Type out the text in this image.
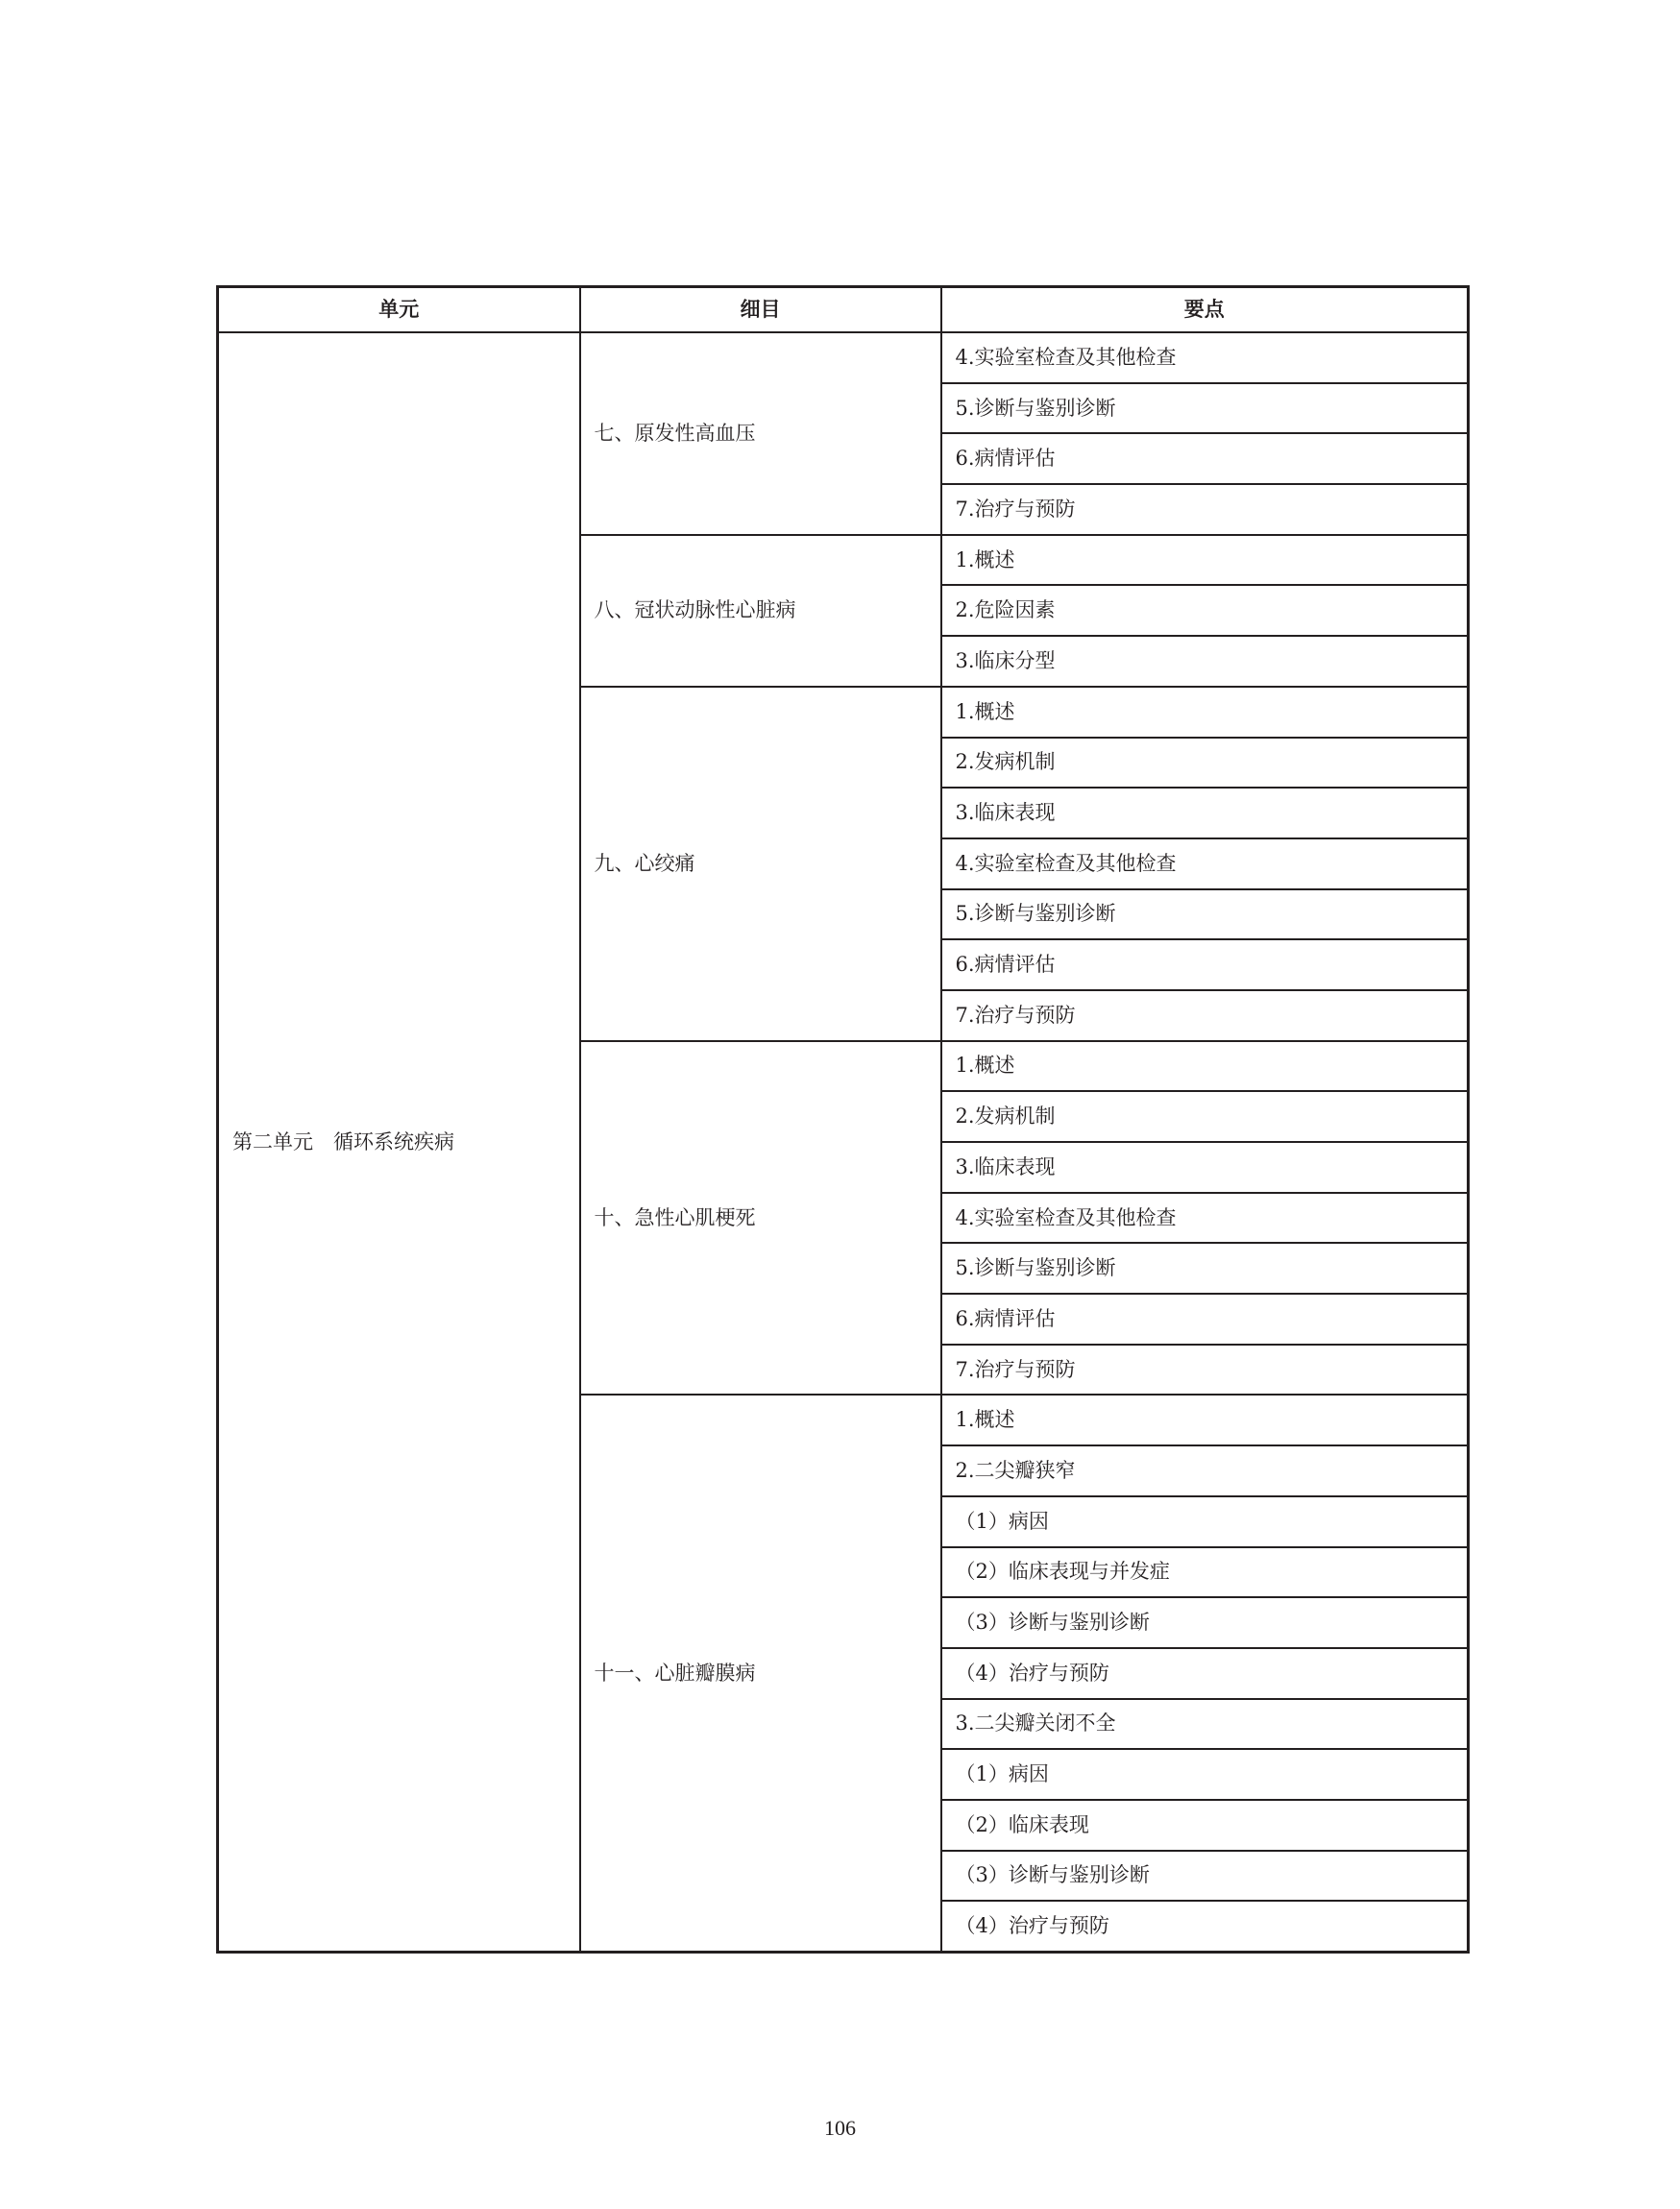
单元	细目	要点
第二单元　循环系统疾病	七、原发性高血压	4.实验室检查及其他检查
		5.诊断与鉴别诊断
		6.病情评估
		7.治疗与预防
	八、冠状动脉性心脏病	1.概述
		2.危险因素
		3.临床分型
	九、心绞痛	1.概述
		2.发病机制
		3.临床表现
		4.实验室检查及其他检查
		5.诊断与鉴别诊断
		6.病情评估
		7.治疗与预防
	十、急性心肌梗死	1.概述
		2.发病机制
		3.临床表现
		4.实验室检查及其他检查
		5.诊断与鉴别诊断
		6.病情评估
		7.治疗与预防
	十一、心脏瓣膜病	1.概述
		2.二尖瓣狭窄
		（1）病因
		（2）临床表现与并发症
		（3）诊断与鉴别诊断
		（4）治疗与预防
		3.二尖瓣关闭不全
		（1）病因
		（2）临床表现
		（3）诊断与鉴别诊断
		（4）治疗与预防
106
